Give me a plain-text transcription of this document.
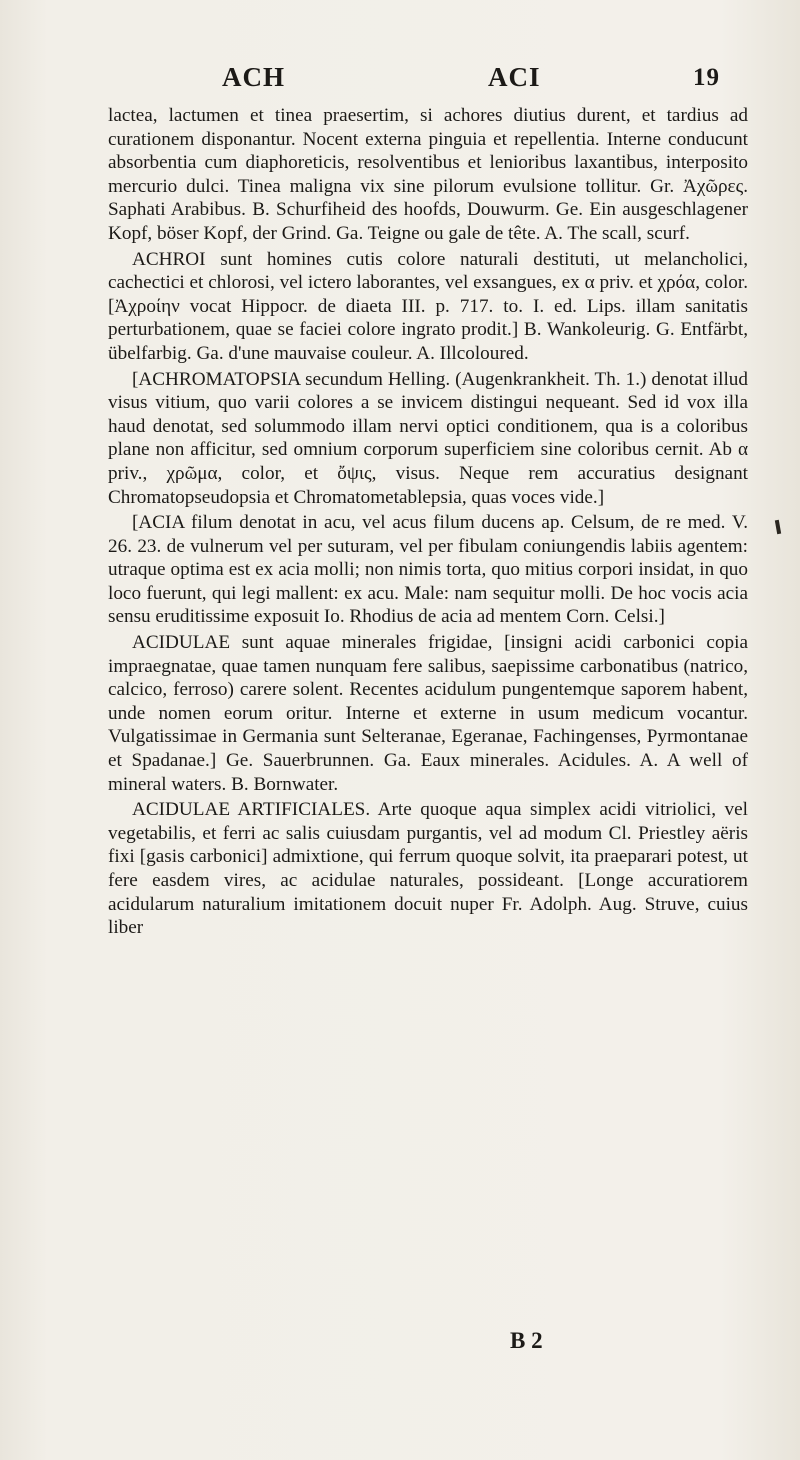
ACH	ACI	19

lactea, lactumen et tinea praesertim, si achores diutius durent, et tardius ad curationem disponantur. Nocent externa pinguia et repellentia. Interne conducunt absorbentia cum diaphoreticis, resolventibus et lenioribus laxantibus, interposito mercurio dulci. Tinea maligna vix sine pilorum evulsione tollitur. Gr. Ἀχῶρες. Saphati Arabibus. B. Schurfiheid des hoofds, Douwurm. Ge. Ein ausgeschlagener Kopf, böser Kopf, der Grind. Ga. Teigne ou gale de tête. A. The scall, scurf.

ACHROI sunt homines cutis colore naturali destituti, ut melancholici, cachectici et chlorosi, vel ictero laborantes, vel exsangues, ex α priv. et χρόα, color. [Ἀχροίην vocat Hippocr. de diaeta III. p. 717. to. I. ed. Lips. illam sanitatis perturbationem, quae se faciei colore ingrato prodit.] B. Wankoleurig. G. Entfärbt, übelfarbig. Ga. d'une mauvaise couleur. A. Illcoloured.

[ACHROMATOPSIA secundum Helling. (Augenkrankheit. Th. 1.) denotat illud visus vitium, quo varii colores a se invicem distingui nequeant. Sed id vox illa haud denotat, sed solummodo illam nervi optici conditionem, qua is a coloribus plane non afficitur, sed omnium corporum superficiem sine coloribus cernit. Ab α priv., χρῶμα, color, et ὄψις, visus. Neque rem accuratius designant Chromatopseudopsia et Chromatometablepsia, quas voces vide.]

[ACIA filum denotat in acu, vel acus filum ducens ap. Celsum, de re med. V. 26. 23. de vulnerum vel per suturam, vel per fibulam coniungendis labiis agentem: utraque optima est ex acia molli; non nimis torta, quo mitius corpori insidat, in quo loco fuerunt, qui legi mallent: ex acu. Male: nam sequitur molli. De hoc vocis acia sensu eruditissime exposuit Io. Rhodius de acia ad mentem Corn. Celsi.]

ACIDULAE sunt aquae minerales frigidae, [insigni acidi carbonici copia impraegnatae, quae tamen nunquam fere salibus, saepissime carbonatibus (natrico, calcico, ferroso) carere solent. Recentes acidulum pungentemque saporem habent, unde nomen eorum oritur. Interne et externe in usum medicum vocantur. Vulgatissimae in Germania sunt Selteranae, Egeranae, Fachingenses, Pyrmontanae et Spadanae.] Ge. Sauerbrunnen. Ga. Eaux minerales. Acidules. A. A well of mineral waters. B. Bornwater.

ACIDULAE ARTIFICIALES. Arte quoque aqua simplex acidi vitriolici, vel vegetabilis, et ferri ac salis cuiusdam purgantis, vel ad modum Cl. Priestley aëris fixi [gasis carbonici] admixtione, qui ferrum quoque solvit, ita praeparari potest, ut fere easdem vires, ac acidulae naturales, possideant. [Longe accuratiorem acidularum naturalium imitationem docuit nuper Fr. Adolph. Aug. Struve, cuius liber

B 2
